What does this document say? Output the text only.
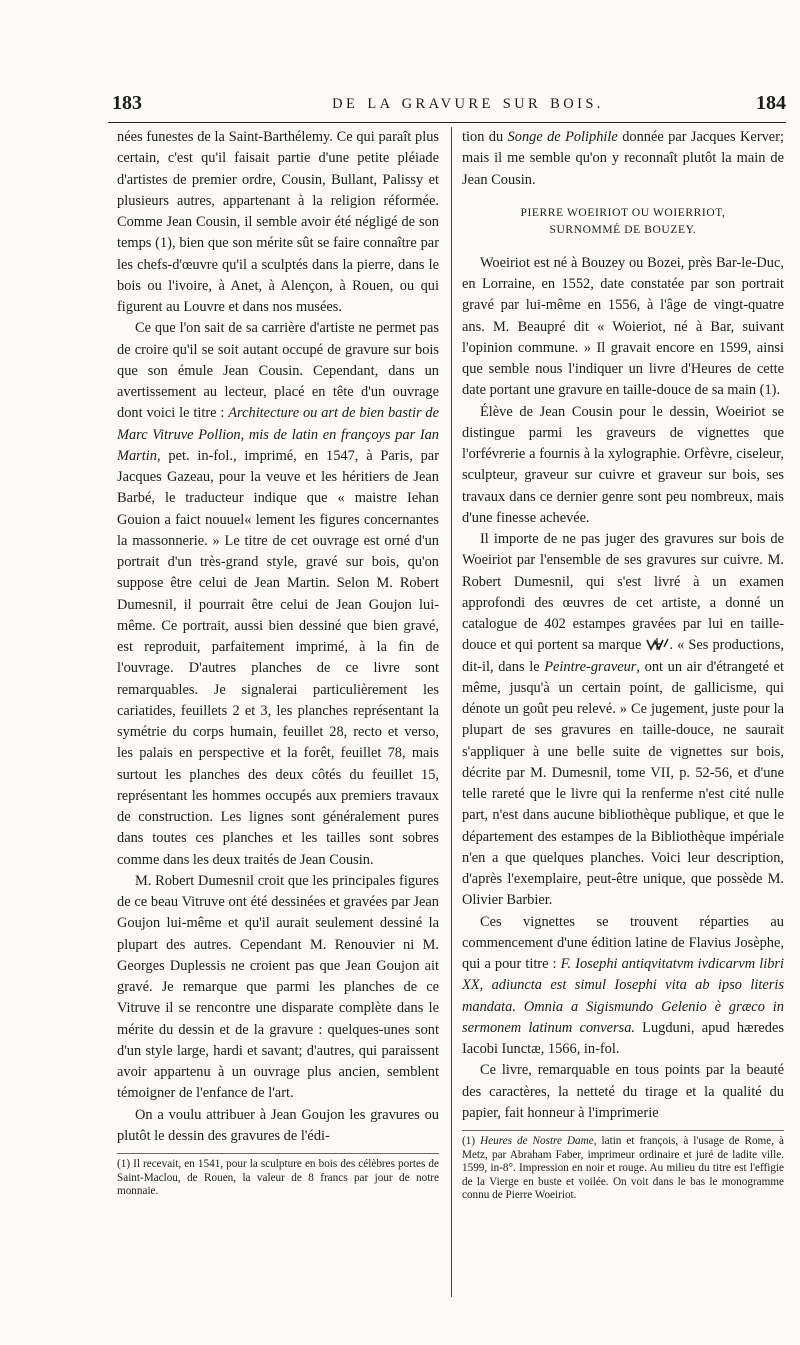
183	DE LA GRAVURE SUR BOIS.	184

nées funestes de la Saint-Barthélemy. Ce qui paraît plus certain, c'est qu'il faisait partie d'une petite pléiade d'artistes de premier ordre, Cousin, Bullant, Palissy et plusieurs autres, appartenant à la religion réformée. Comme Jean Cousin, il semble avoir été négligé de son temps (1), bien que son mérite sût se faire connaître par les chefs-d'œuvre qu'il a sculptés dans la pierre, dans le bois ou l'ivoire, à Anet, à Alençon, à Rouen, ou qui figurent au Louvre et dans nos musées.

Ce que l'on sait de sa carrière d'artiste ne permet pas de croire qu'il se soit autant occupé de gravure sur bois que son émule Jean Cousin. Cependant, dans un avertissement au lecteur, placé en tête d'un ouvrage dont voici le titre : Architecture ou art de bien bastir de Marc Vitruve Pollion, mis de latin en françoys par Ian Martin, pet. in-fol., imprimé, en 1547, à Paris, par Jacques Gazeau, pour la veuve et les héritiers de Jean Barbé, le traducteur indique que « maistre Iehan Gouion a faict nouuel« lement les figures concernantes la massonnerie. » Le titre de cet ouvrage est orné d'un portrait d'un très-grand style, gravé sur bois, qu'on suppose être celui de Jean Martin. Selon M. Robert Dumesnil, il pourrait être celui de Jean Goujon lui-même. Ce portrait, aussi bien dessiné que bien gravé, est reproduit, parfaitement imprimé, à la fin de l'ouvrage. D'autres planches de ce livre sont remarquables. Je signalerai particulièrement les cariatides, feuillets 2 et 3, les planches représentant la symétrie du corps humain, feuillet 28, recto et verso, les palais en perspective et la forêt, feuillet 78, mais surtout les planches des deux côtés du feuillet 15, représentant les hommes occupés aux premiers travaux de construction. Les lignes sont généralement pures dans toutes ces planches et les tailles sont sobres comme dans les deux traités de Jean Cousin.

M. Robert Dumesnil croit que les principales figures de ce beau Vitruve ont été dessinées et gravées par Jean Goujon lui-même et qu'il aurait seulement dessiné la plupart des autres. Cependant M. Renouvier ni M. Georges Duplessis ne croient pas que Jean Goujon ait gravé. Je remarque que parmi les planches de ce Vitruve il se rencontre une disparate complète dans le mérite du dessin et de la gravure : quelques-unes sont d'un style large, hardi et savant; d'autres, qui paraissent avoir appartenu à un ouvrage plus ancien, semblent témoigner de l'enfance de l'art.

On a voulu attribuer à Jean Goujon les gravures ou plutôt le dessin des gravures de l'édi-

(1) Il recevait, en 1541, pour la sculpture en bois des célèbres portes de Saint-Maclou, de Rouen, la valeur de 8 francs par jour de notre monnaie.

tion du Songe de Poliphile donnée par Jacques Kerver; mais il me semble qu'on y reconnaît plutôt la main de Jean Cousin.

PIERRE WOEIRIOT OU WOIERRIOT,
SURNOMMÉ DE BOUZEY.

Woeiriot est né à Bouzey ou Bozei, près Bar-le-Duc, en Lorraine, en 1552, date constatée par son portrait gravé par lui-même en 1556, à l'âge de vingt-quatre ans. M. Beaupré dit « Woieriot, né à Bar, suivant l'opinion commune. » Il gravait encore en 1599, ainsi que semble nous l'indiquer un livre d'Heures de cette date portant une gravure en taille-douce de sa main (1).

Élève de Jean Cousin pour le dessin, Woeiriot se distingue parmi les graveurs de vignettes que l'orfévrerie a fournis à la xylographie. Orfèvre, ciseleur, sculpteur, graveur sur cuivre et graveur sur bois, ses travaux dans ce dernier genre sont peu nombreux, mais d'une finesse achevée.

Il importe de ne pas juger des gravures sur bois de Woeiriot par l'ensemble de ses gravures sur cuivre. M. Robert Dumesnil, qui s'est livré à un examen approfondi des œuvres de cet artiste, a donné un catalogue de 402 estampes gravées par lui en taille-douce et qui portent sa marque . « Ses productions, dit-il, dans le Peintre-graveur, ont un air d'étrangeté et même, jusqu'à un certain point, de gallicisme, qui dénote un goût peu relevé. » Ce jugement, juste pour la plupart de ses gravures en taille-douce, ne saurait s'appliquer à une belle suite de vignettes sur bois, décrite par M. Dumesnil, tome VII, p. 52-56, et d'une telle rareté que le livre qui la renferme n'est cité nulle part, n'est dans aucune bibliothèque publique, et que le département des estampes de la Bibliothèque impériale n'en a que quelques planches. Voici leur description, d'après l'exemplaire, peut-être unique, que possède M. Olivier Barbier.

Ces vignettes se trouvent réparties au commencement d'une édition latine de Flavius Josèphe, qui a pour titre : F. Iosephi antiqvitatvm ivdicarvm libri XX, adiuncta est simul Iosephi vita ab ipso literis mandata. Omnia a Sigismundo Gelenio è græco in sermonem latinum conversa. Lugduni, apud hæredes Iacobi Iunctæ, 1566, in-fol.

Ce livre, remarquable en tous points par la beauté des caractères, la netteté du tirage et la qualité du papier, fait honneur à l'imprimerie

(1) Heures de Nostre Dame, latin et françois, à l'usage de Rome, à Metz, par Abraham Faber, imprimeur ordinaire et juré de ladite ville. 1599, in-8°. Impression en noir et rouge. Au milieu du titre est l'effigie de la Vierge en buste et voilée. On voit dans le bas le monogramme connu de Pierre Woeiriot.
